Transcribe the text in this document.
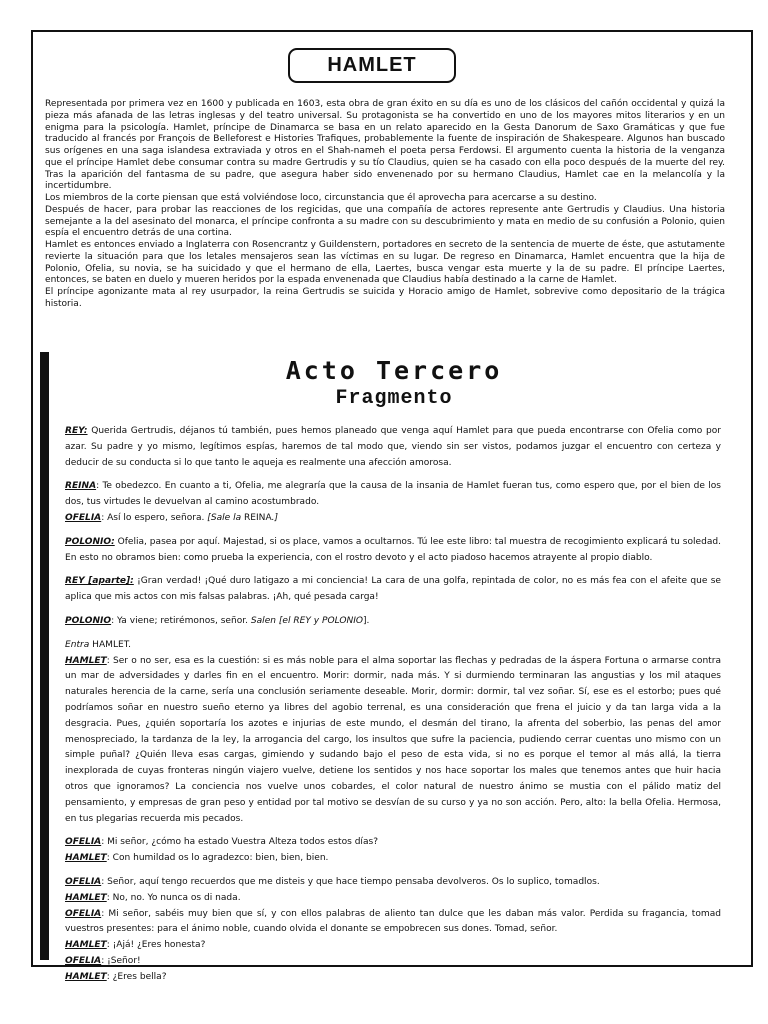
HAMLET

Representada por primera vez en 1600 y publicada en 1603, esta obra de gran éxito en su día es uno de los clásicos del cañón occidental y quizá la pieza más afanada de las letras inglesas y del teatro universal. Su protagonista se ha convertido en uno de los mayores mitos literarios y en un enigma para la psicología. Hamlet, príncipe de Dinamarca se basa en un relato aparecido en la Gesta Danorum de Saxo Gramáticas y que fue traducido al francés por François de Belleforest e Histories Trafiques, probablemente la fuente de inspiración de Shakespeare. Algunos han buscado sus orígenes en una saga islandesa extraviada y otros en el Shah-nameh el poeta persa Ferdowsi. El argumento cuenta la historia de la venganza que el príncipe Hamlet debe consumar contra su madre Gertrudis y su tío Claudius, quien se ha casado con ella poco después de la muerte del rey. Tras la aparición del fantasma de su padre, que asegura haber sido envenenado por su hermano Claudius, Hamlet cae en la melancolía y la incertidumbre.

Los miembros de la corte piensan que está volviéndose loco, circunstancia que él aprovecha para acercarse a su destino.

Después de hacer, para probar las reacciones de los regicidas, que una compañía de actores represente ante Gertrudis y Claudius. Una historia semejante a la del asesinato del monarca, el príncipe confronta a su madre con su descubrimiento y mata en medio de su confusión a Polonio, quien espía el encuentro detrás de una cortina.

Hamlet es entonces enviado a Inglaterra con Rosencrantz y Guildenstern, portadores en secreto de la sentencia de muerte de éste, que astutamente revierte la situación para que los letales mensajeros sean las víctimas en su lugar. De regreso en Dinamarca, Hamlet encuentra que la hija de Polonio, Ofelia, su novia, se ha suicidado y que el hermano de ella, Laertes, busca vengar esta muerte y la de su padre. El príncipe Laertes, entonces, se baten en duelo y mueren heridos por la espada envenenada que Claudius había destinado a la carne de Hamlet.

El príncipe agonizante mata al rey usurpador, la reina Gertrudis se suicida y Horacio amigo de Hamlet, sobrevive como depositario de la trágica historia.

Acto Tercero
Fragmento

REY: Querida Gertrudis, déjanos tú también, pues hemos planeado que venga aquí Hamlet para que pueda encontrarse con Ofelia como por azar. Su padre y yo mismo, legítimos espías, haremos de tal modo que, viendo sin ser vistos, podamos juzgar el encuentro con certeza y deducir de su conducta si lo que tanto le aqueja es realmente una afección amorosa.

REINA: Te obedezco. En cuanto a ti, Ofelia, me alegraría que la causa de la insania de Hamlet fueran tus, como espero que, por el bien de los dos, tus virtudes le devuelvan al camino acostumbrado.

OFELIA: Así lo espero, señora. [Sale la REINA.]

POLONIO: Ofelia, pasea por aquí. Majestad, si os place, vamos a ocultarnos. Tú lee este libro: tal muestra de recogimiento explicará tu soledad. En esto no obramos bien: como prueba la experiencia, con el rostro devoto y el acto piadoso hacemos atrayente al propio diablo.

REY [aparte]: ¡Gran verdad! ¡Qué duro latigazo a mi conciencia! La cara de una golfa, repintada de color, no es más fea con el afeite que se aplica que mis actos con mis falsas palabras. ¡Ah, qué pesada carga!

POLONIO: Ya viene; retirémonos, señor. Salen [el REY y POLONIO].

Entra HAMLET.

HAMLET: Ser o no ser, esa es la cuestión: si es más noble para el alma soportar las flechas y pedradas de la áspera Fortuna o armarse contra un mar de adversidades y darles fin en el encuentro. Morir: dormir, nada más. Y si durmiendo terminaran las angustias y los mil ataques naturales herencia de la carne, sería una conclusión seriamente deseable. Morir, dormir: dormir, tal vez soñar. Sí, ese es el estorbo; pues qué podríamos soñar en nuestro sueño eterno ya libres del agobio terrenal, es una consideración que frena el juicio y da tan larga vida a la desgracia. Pues, ¿quién soportaría los azotes e injurias de este mundo, el desmán del tirano, la afrenta del soberbio, las penas del amor menospreciado, la tardanza de la ley, la arrogancia del cargo, los insultos que sufre la paciencia, pudiendo cerrar cuentas uno mismo con un simple puñal? ¿Quién lleva esas cargas, gimiendo y sudando bajo el peso de esta vida, si no es porque el temor al más allá, la tierra inexplorada de cuyas fronteras ningún viajero vuelve, detiene los sentidos y nos hace soportar los males que tenemos antes que huir hacia otros que ignoramos? La conciencia nos vuelve unos cobardes, el color natural de nuestro ánimo se mustia con el pálido matiz del pensamiento, y empresas de gran peso y entidad por tal motivo se desvían de su curso y ya no son acción. Pero, alto: la bella Ofelia. Hermosa, en tus plegarias recuerda mis pecados.

OFELIA: Mi señor, ¿cómo ha estado Vuestra Alteza todos estos días?

HAMLET: Con humildad os lo agradezco: bien, bien, bien.

OFELIA: Señor, aquí tengo recuerdos que me disteis y que hace tiempo pensaba devolveros. Os lo suplico, tomadlos.

HAMLET: No, no. Yo nunca os di nada.

OFELIA: Mi señor, sabéis muy bien que sí, y con ellos palabras de aliento tan dulce que les daban más valor. Perdida su fragancia, tomad vuestros presentes: para el ánimo noble, cuando olvida el donante se empobrecen sus dones. Tomad, señor.

HAMLET: ¡Ajá! ¿Eres honesta?

OFELIA: ¡Señor!

HAMLET: ¿Eres bella?
